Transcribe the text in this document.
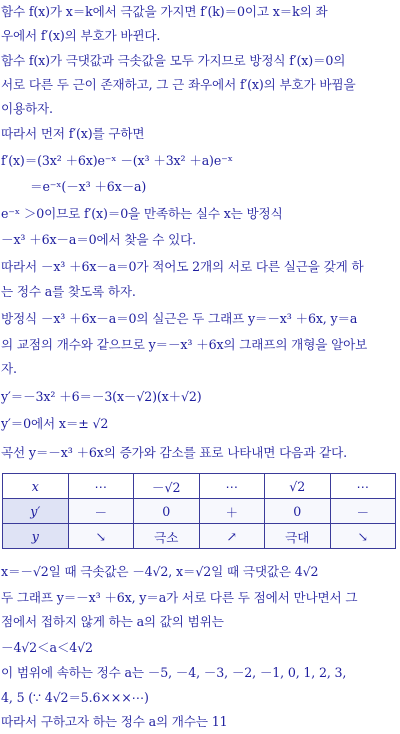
함수 f(x)가 x＝k에서 극값을 가지면 f′(k)＝0이고 x＝k의 좌
우에서 f′(x)의 부호가 바뀐다.
함수 f(x)가 극댓값과 극솟값을 모두 가지므로 방정식 f′(x)＝0의
서로 다른 두 근이 존재하고, 그 근 좌우에서 f′(x)의 부호가 바뀜을
이용하자.
따라서 먼저 f′(x)를 구하면
f′(x)＝(3x² ＋6x)e⁻ˣ －(x³ ＋3x² ＋a)e⁻ˣ
＝e⁻ˣ(－x³ ＋6x－a)
e⁻ˣ ＞0이므로 f′(x)＝0을 만족하는 실수 x는 방정식
－x³ ＋6x－a＝0에서 찾을 수 있다.
따라서 －x³ ＋6x－a＝0가 적어도 2개의 서로 다른 실근을 갖게 하
는 정수 a를 찾도록 하자.
방정식 －x³ ＋6x－a＝0의 실근은 두 그래프 y＝－x³ ＋6x, y＝a
의 교점의 개수와 같으므로 y＝－x³ ＋6x의 그래프의 개형을 알아보
자.
y′＝－3x² ＋6＝－3(x－√2)(x＋√2)
y′＝0에서 x＝± √2
곡선 y＝－x³ ＋6x의 증가와 감소를 표로 나타내면 다음과 같다.
x	⋯	－√2	⋯	√2	⋯
y′	－	0	＋	0	－
y	↘	극소	↗	극대	↘
x＝－√2일 때 극솟값은 －4√2, x＝√2일 때 극댓값은 4√2
두 그래프 y＝－x³ ＋6x, y＝a가 서로 다른 두 점에서 만나면서 그
점에서 접하지 않게 하는 a의 값의 범위는
－4√2＜a＜4√2
이 범위에 속하는 정수 a는 －5, －4, －3, －2, －1, 0, 1, 2, 3,
4, 5 (∵ 4√2＝5.6×××⋯)
따라서 구하고자 하는 정수 a의 개수는 11
